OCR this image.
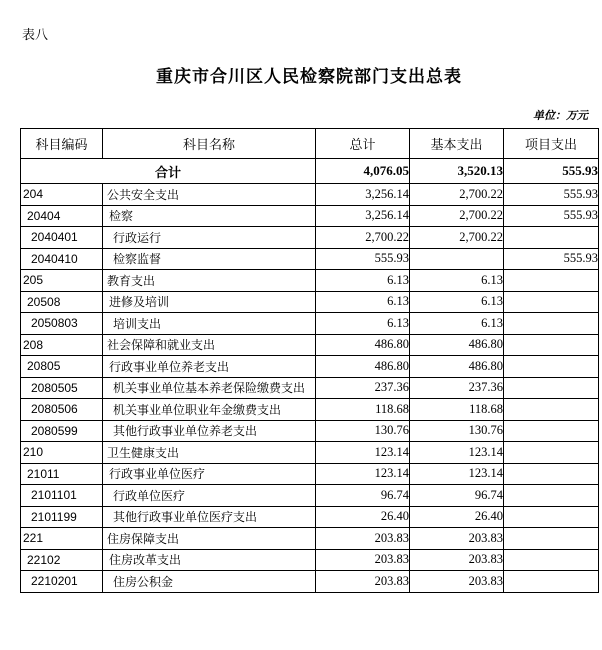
表八
重庆市合川区人民检察院部门支出总表
单位：万元
科目编码	科目名称	总计	基本支出	项目支出
合计		4,076.05	3,520.13	555.93
204	公共安全支出	3,256.14	2,700.22	555.93
20404	检察	3,256.14	2,700.22	555.93
2040401	行政运行	2,700.22	2,700.22	
2040410	检察监督	555.93		555.93
205	教育支出	6.13	6.13	
20508	进修及培训	6.13	6.13	
2050803	培训支出	6.13	6.13	
208	社会保障和就业支出	486.80	486.80	
20805	行政事业单位养老支出	486.80	486.80	
2080505	机关事业单位基本养老保险缴费支出	237.36	237.36	
2080506	机关事业单位职业年金缴费支出	118.68	118.68	
2080599	其他行政事业单位养老支出	130.76	130.76	
210	卫生健康支出	123.14	123.14	
21011	行政事业单位医疗	123.14	123.14	
2101101	行政单位医疗	96.74	96.74	
2101199	其他行政事业单位医疗支出	26.40	26.40	
221	住房保障支出	203.83	203.83	
22102	住房改革支出	203.83	203.83	
2210201	住房公积金	203.83	203.83	
